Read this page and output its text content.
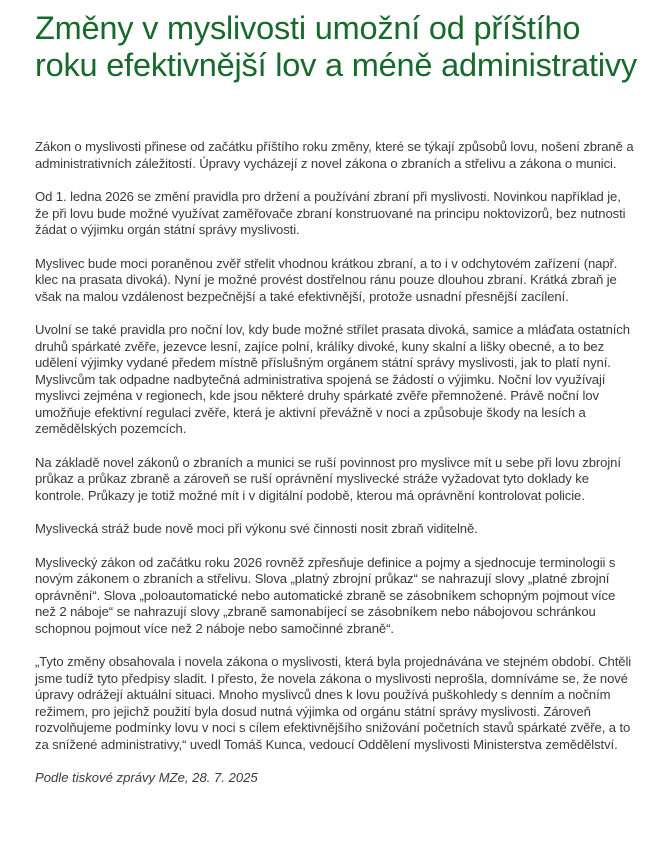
Změny v myslivosti umožní od příštího roku efektivnější lov a méně administrativy

Zákon o myslivosti přinese od začátku příštího roku změny, které se týkají způsobů lovu, nošení zbraně a administrativních záležitostí. Úpravy vycházejí z novel zákona o zbraních a střelivu a zákona o munici.

Od 1. ledna 2026 se změní pravidla pro držení a používání zbraní při myslivosti. Novinkou například je, že při lovu bude možné využívat zaměřovače zbraní konstruované na principu noktovizorů, bez nutnosti žádat o výjimku orgán státní správy myslivosti.

Myslivec bude moci poraněnou zvěř střelit vhodnou krátkou zbraní, a to i v odchytovém zařízení (např. klec na prasata divoká). Nyní je možné provést dostřelnou ránu pouze dlouhou zbraní. Krátká zbraň je však na malou vzdálenost bezpečnější a také efektivnější, protože usnadní přesnější zacílení.

Uvolní se také pravidla pro noční lov, kdy bude možné střílet prasata divoká, samice a mláďata ostatních druhů spárkaté zvěře, jezevce lesní, zajíce polní, králíky divoké, kuny skalní a lišky obecné, a to bez udělení výjimky vydané předem místně příslušným orgánem státní správy myslivosti, jak to platí nyní. Myslivcům tak odpadne nadbytečná administrativa spojená se žádostí o výjimku. Noční lov využívají myslivci zejména v regionech, kde jsou některé druhy spárkaté zvěře přemnožené. Právě noční lov umožňuje efektivní regulaci zvěře, která je aktivní převážně v noci a způsobuje škody na lesích a zemědělských pozemcích.

Na základě novel zákonů o zbraních a munici se ruší povinnost pro myslivce mít u sebe při lovu zbrojní průkaz a průkaz zbraně a zároveň se ruší oprávnění myslivecké stráže vyžadovat tyto doklady ke kontrole. Průkazy je totiž možné mít i v digitální podobě, kterou má oprávnění kontrolovat policie.

Myslivecká stráž bude nově moci při výkonu své činnosti nosit zbraň viditelně.

Myslivecký zákon od začátku roku 2026 rovněž zpřesňuje definice a pojmy a sjednocuje terminologii s novým zákonem o zbraních a střelivu. Slova „platný zbrojní průkaz“ se nahrazují slovy „platné zbrojní oprávnění“. Slova „poloautomatické nebo automatické zbraně se zásobníkem schopným pojmout více než 2 náboje“ se nahrazují slovy „zbraně samonabíjecí se zásobníkem nebo nábojovou schránkou schopnou pojmout více než 2 náboje nebo samočinné zbraně“.

„Tyto změny obsahovala i novela zákona o myslivosti, která byla projednávána ve stejném období. Chtěli jsme tudíž tyto předpisy sladit. I přesto, že novela zákona o myslivosti neprošla, domníváme se, že nové úpravy odrážejí aktuální situaci. Mnoho myslivců dnes k lovu používá puškohledy s denním a nočním režimem, pro jejichž použití byla dosud nutná výjimka od orgánu státní správy myslivosti. Zároveň rozvolňujeme podmínky lovu v noci s cílem efektivnějšího snižování početních stavů spárkaté zvěře, a to za snížené administrativy,“ uvedl Tomáš Kunca, vedoucí Oddělení myslivosti Ministerstva zemědělství.

Podle tiskové zprávy MZe, 28. 7. 2025
